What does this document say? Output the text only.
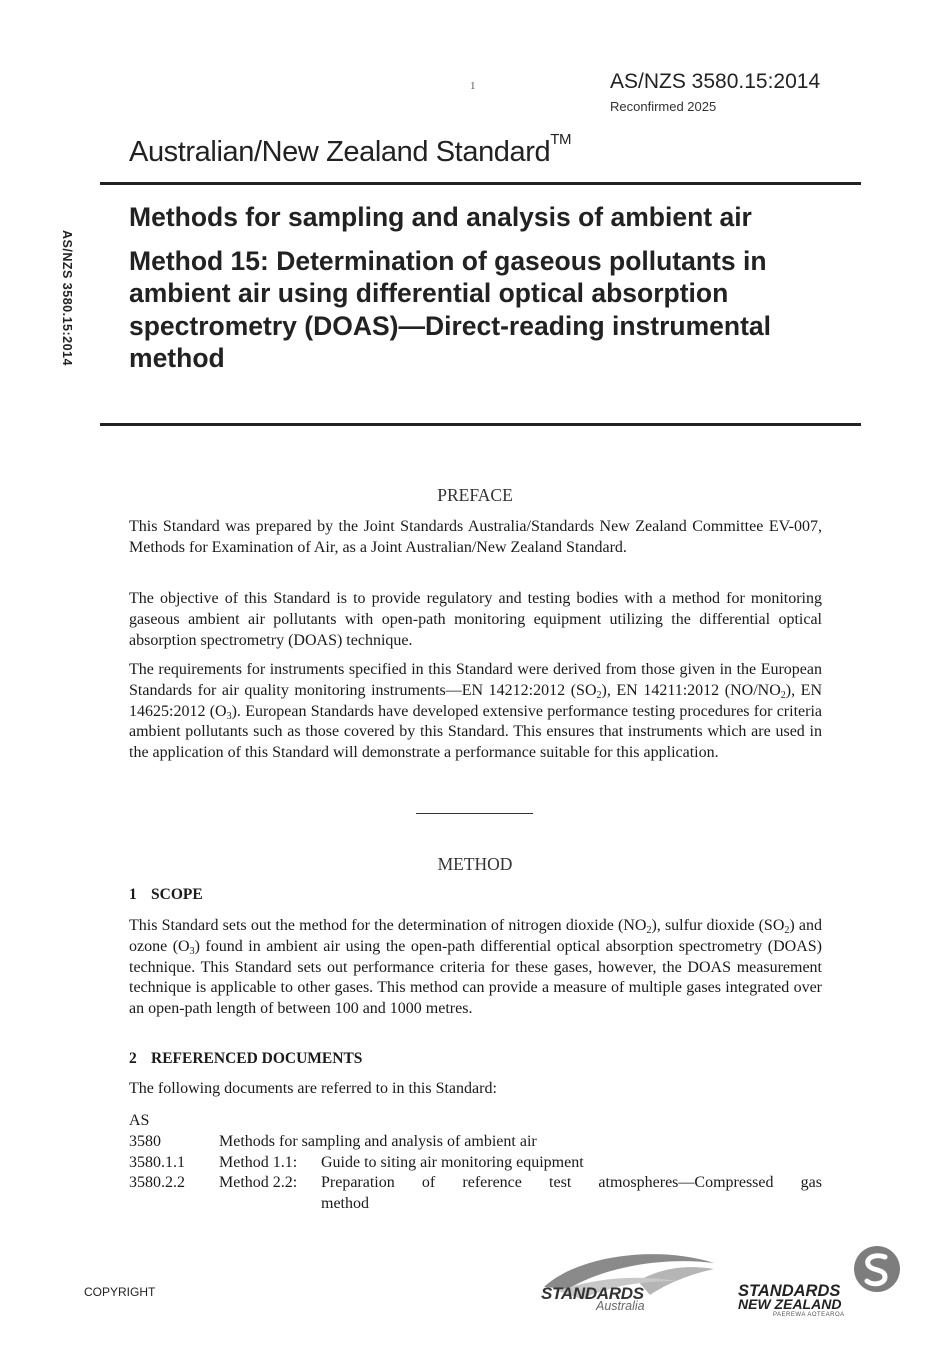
1	AS/NZS 3580.15:2014
Reconfirmed 2025
AS/NZS 3580.15:2014
Australian/New Zealand Standard™

Methods for sampling and analysis of ambient air

Method 15: Determination of gaseous pollutants in ambient air using differential optical absorption spectrometry (DOAS)—Direct-reading instrumental method

PREFACE

This Standard was prepared by the Joint Standards Australia/Standards New Zealand Committee EV-007, Methods for Examination of Air, as a Joint Australian/New Zealand Standard.

The objective of this Standard is to provide regulatory and testing bodies with a method for monitoring gaseous ambient air pollutants with open-path monitoring equipment utilizing the differential optical absorption spectrometry (DOAS) technique.

The requirements for instruments specified in this Standard were derived from those given in the European Standards for air quality monitoring instruments—EN 14212:2012 $(SO_2)$, EN 14211:2012 $(NO/NO_2)$, EN 14625:2012 $(O_3)$. European Standards have developed extensive performance testing procedures for criteria ambient pollutants such as those covered by this Standard. This ensures that instruments which are used in the application of this Standard will demonstrate a performance suitable for this application.

METHOD
1 SCOPE

This Standard sets out the method for the determination of nitrogen dioxide $(NO_2)$, sulfur dioxide $(SO_2)$ and ozone $(O_3)$ found in ambient air using the open-path differential optical absorption spectrometry (DOAS) technique. This Standard sets out performance criteria for these gases, however, the DOAS measurement technique is applicable to other gases. This method can provide a measure of multiple gases integrated over an open-path length of between 100 and 1000 metres.

2 REFERENCED DOCUMENTS
The following documents are referred to in this Standard:
AS
3580	Methods for sampling and analysis of ambient air
3580.1.1	Method 1.1:	Guide to siting air monitoring equipment
3580.2.2	Method 2.2:	Preparation of reference test atmospheres—Compressed gas
method
COPYRIGHT	STANDARDS
Australia
STANDARDS
NEW ZEALAND
PAEREWA AOTEAROA
